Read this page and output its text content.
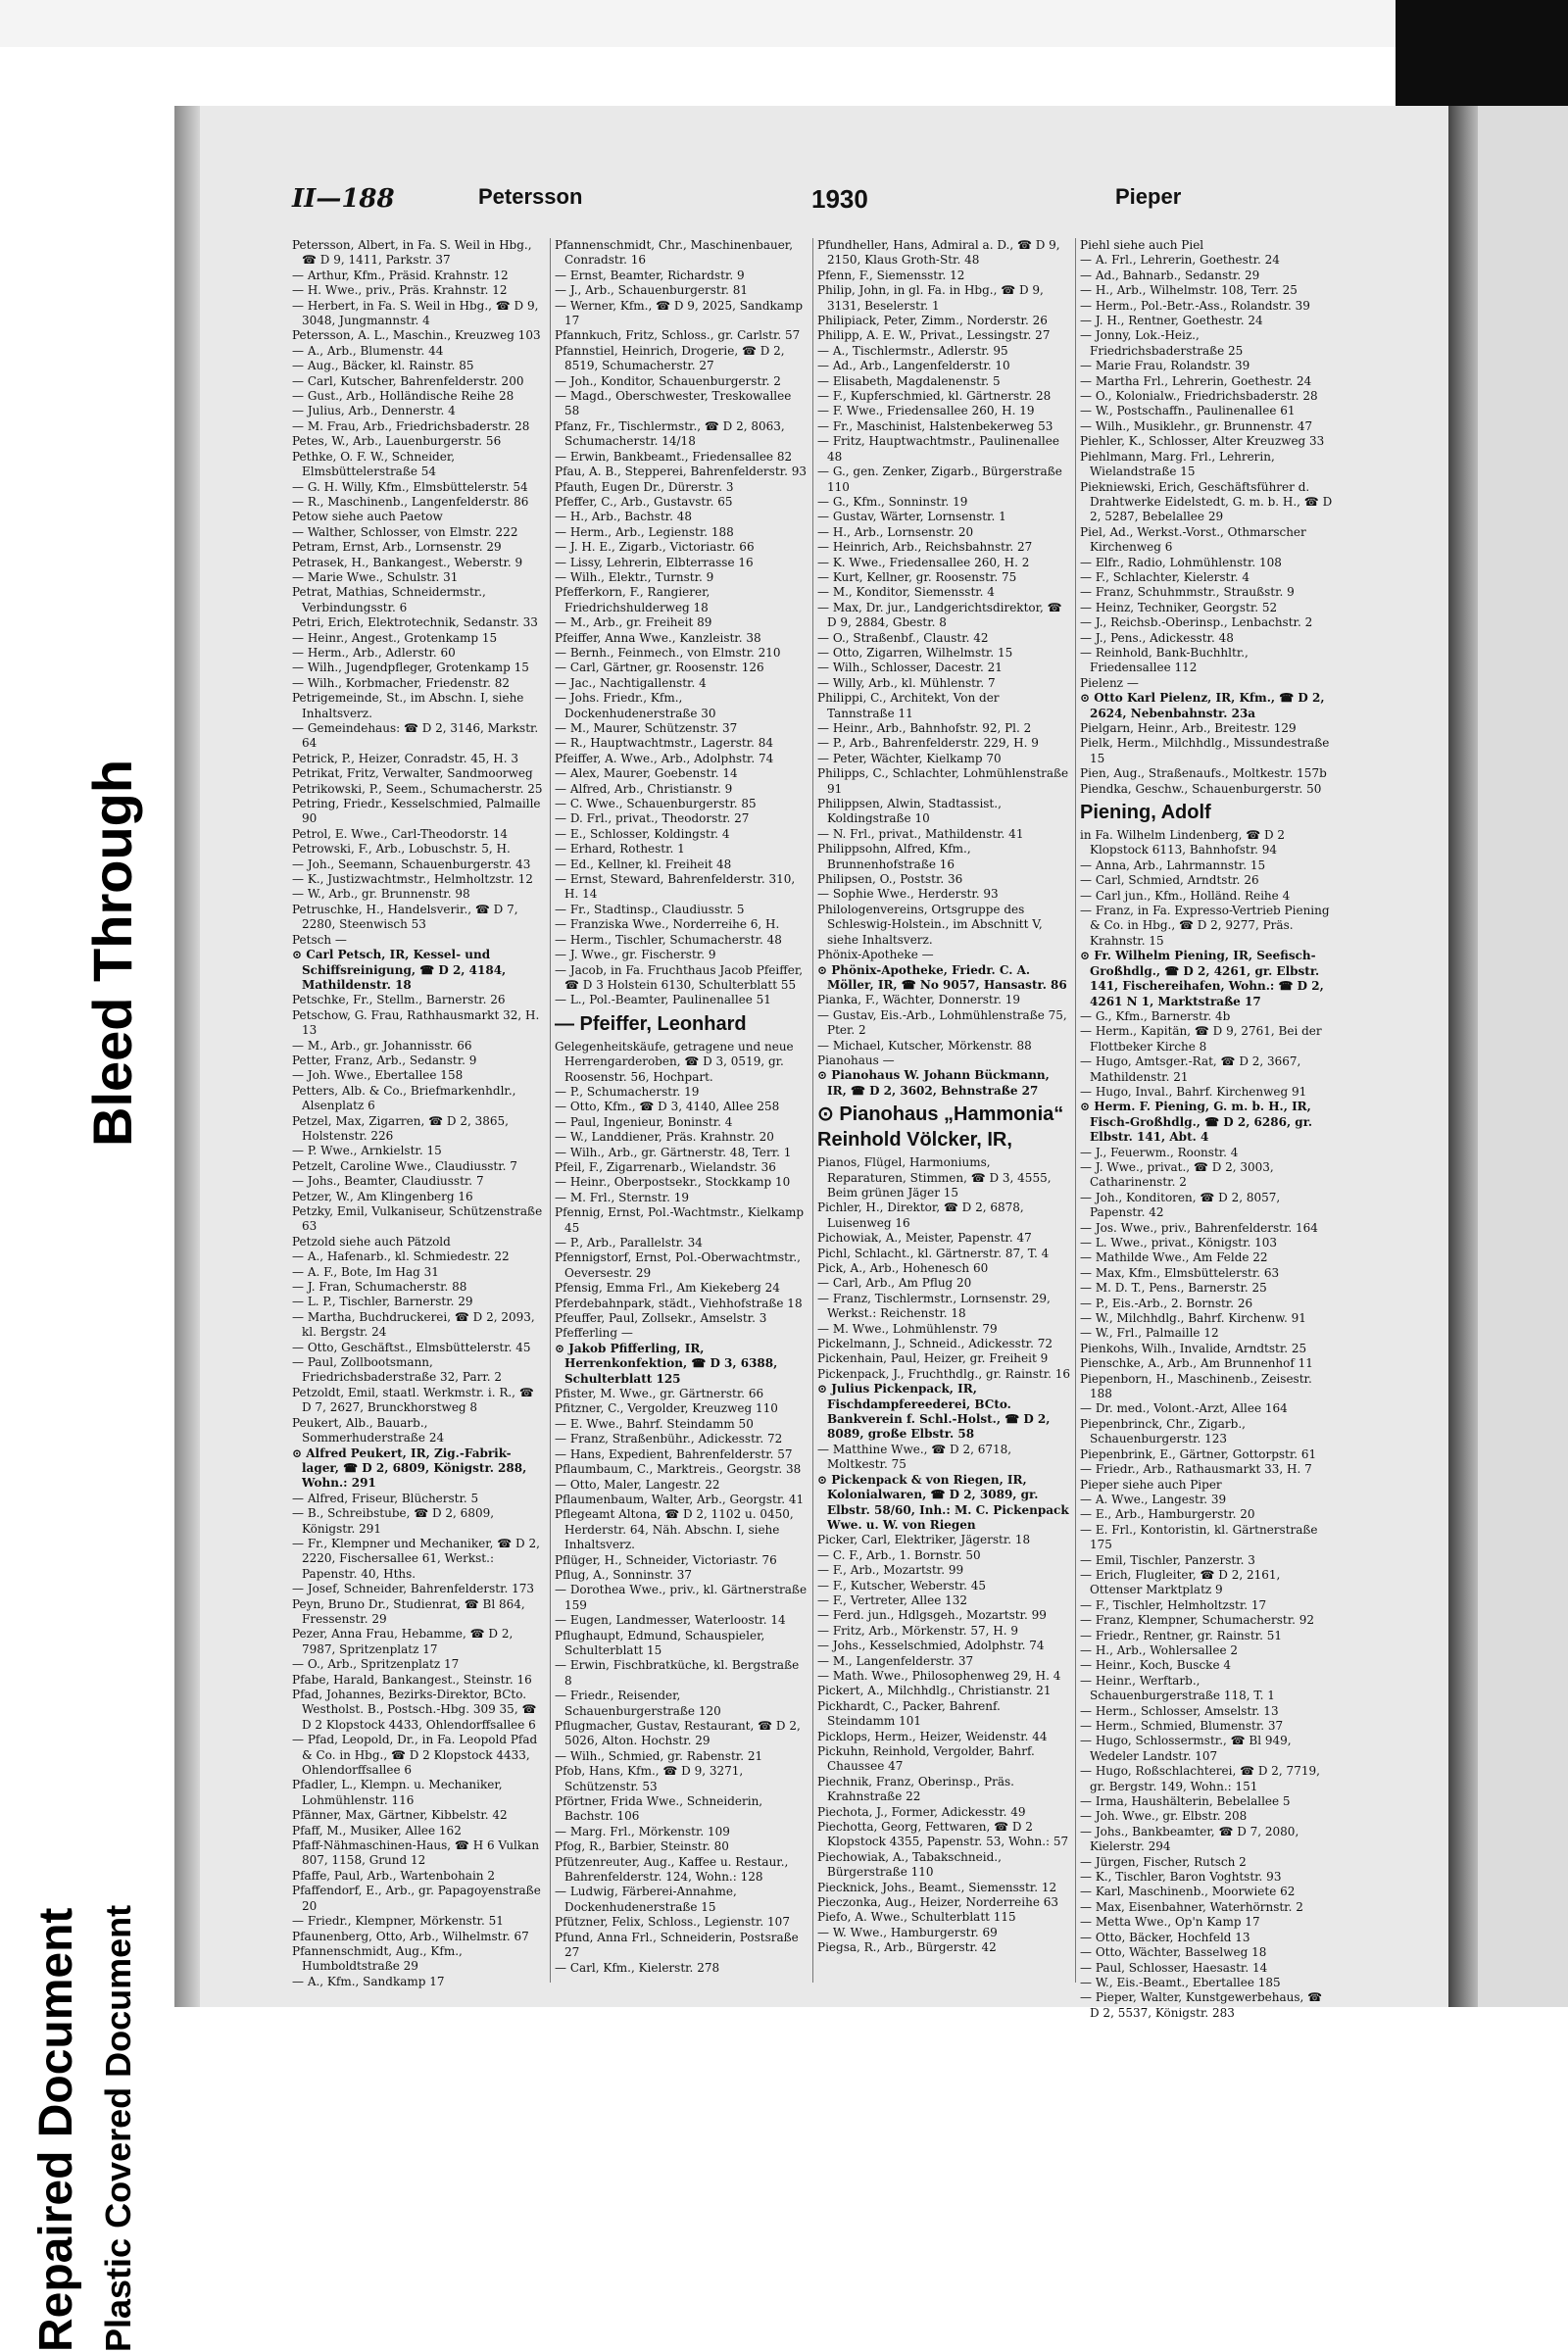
Repaired Document Plastic Covered Document
Bleed Through
II—188	Petersson	1930	Pieper
Petersson, Albert, in Fa. S. Weil in Hbg., ☎ D 9, 1411, Parkstr. 37
— Arthur, Kfm., Präsid. Krahnstr. 12
— H. Wwe., priv., Präs. Krahnstr. 12
— Herbert, in Fa. S. Weil in Hbg., ☎ D 9, 3048, Jungmannstr. 4
Petersson, A. L., Maschin., Kreuzweg 103
— A., Arb., Blumenstr. 44
— Aug., Bäcker, kl. Rainstr. 85
— Carl, Kutscher, Bahrenfelderstr. 200
— Gust., Arb., Holländische Reihe 28
— Julius, Arb., Dennerstr. 4
— M. Frau, Arb., Friedrichsbaderstr. 28
Petes, W., Arb., Lauenburgerstr. 56
Pethke, O. F. W., Schneider, Elmsbüttelerstraße 54
— G. H. Willy, Kfm., Elmsbüttelerstr. 54
— R., Maschinenb., Langenfelderstr. 86
Petow siehe auch Paetow
— Walther, Schlosser, von Elmstr. 222
Petram, Ernst, Arb., Lornsenstr. 29
Petrasek, H., Bankangest., Weberstr. 9
— Marie Wwe., Schulstr. 31
Petrat, Mathias, Schneidermstr., Verbindungsstr. 6
Petri, Erich, Elektrotechnik, Sedanstr. 33
— Heinr., Angest., Grotenkamp 15
— Herm., Arb., Adlerstr. 60
— Wilh., Jugendpfleger, Grotenkamp 15
— Wilh., Korbmacher, Friedenstr. 82
Petrigemeinde, St., im Abschn. I, siehe Inhaltsverz.
— Gemeindehaus: ☎ D 2, 3146, Markstr. 64
Petrick, P., Heizer, Conradstr. 45, H. 3
Petrikat, Fritz, Verwalter, Sandmoorweg
Petrikowski, P., Seem., Schumacherstr. 25
Petring, Friedr., Kesselschmied, Palmaille 90
Petrol, E. Wwe., Carl-Theodorstr. 14
Petrowski, F., Arb., Lobuschstr. 5, H.
— Joh., Seemann, Schauenburgerstr. 43
— K., Justizwachtmstr., Helmholtzstr. 12
— W., Arb., gr. Brunnenstr. 98
Petruschke, H., Handelsverir., ☎ D 7, 2280, Steenwisch 53
Petsch —
⊙ Carl Petsch, IR, Kessel- und Schiffsreinigung, ☎ D 2, 4184, Mathildenstr. 18
Petschke, Fr., Stellm., Barnerstr. 26
Petschow, G. Frau, Rathhausmarkt 32, H. 13
— M., Arb., gr. Johannisstr. 66
Petter, Franz, Arb., Sedanstr. 9
— Joh. Wwe., Ebertallee 158
Petters, Alb. & Co., Briefmarkenhdlr., Alsenplatz 6
Petzel, Max, Zigarren, ☎ D 2, 3865, Holstenstr. 226
— P. Wwe., Arnkielstr. 15
Petzelt, Caroline Wwe., Claudiusstr. 7
— Johs., Beamter, Claudiusstr. 7
Petzer, W., Am Klingenberg 16
Petzky, Emil, Vulkaniseur, Schützenstraße 63
Petzold siehe auch Pätzold
— A., Hafenarb., kl. Schmiedestr. 22
— A. F., Bote, Im Hag 31
— J. Fran, Schumacherstr. 88
— L. P., Tischler, Barnerstr. 29
— Martha, Buchdruckerei, ☎ D 2, 2093, kl. Bergstr. 24
— Otto, Geschäftst., Elmsbüttelerstr. 45
— Paul, Zollbootsmann, Friedrichsbaderstraße 32, Parr. 2
Petzoldt, Emil, staatl. Werkmstr. i. R., ☎ D 7, 2627, Brunckhorstweg 8
Peukert, Alb., Bauarb., Sommerhuderstraße 24
⊙ Alfred Peukert, IR, Zig.-Fabrik-lager, ☎ D 2, 6809, Königstr. 288, Wohn.: 291
— Alfred, Friseur, Blücherstr. 5
— B., Schreibstube, ☎ D 2, 6809, Königstr. 291
— Fr., Klempner und Mechaniker, ☎ D 2, 2220, Fischersallee 61, Werkst.: Papenstr. 40, Hths.
— Josef, Schneider, Bahrenfelderstr. 173
Peyn, Bruno Dr., Studienrat, ☎ Bl 864, Fressenstr. 29
Pezer, Anna Frau, Hebamme, ☎ D 2, 7987, Spritzenplatz 17
— O., Arb., Spritzenplatz 17
Pfabe, Harald, Bankangest., Steinstr. 16
Pfad, Johannes, Bezirks-Direktor, BCto. Westholst. B., Postsch.-Hbg. 309 35, ☎ D 2 Klopstock 4433, Ohlendorffsallee 6
— Pfad, Leopold, Dr., in Fa. Leopold Pfad & Co. in Hbg., ☎ D 2 Klopstock 4433, Ohlendorffsallee 6
Pfadler, L., Klempn. u. Mechaniker, Lohmühlenstr. 116
Pfänner, Max, Gärtner, Kibbelstr. 42
Pfaff, M., Musiker, Allee 162
Pfaff-Nähmaschinen-Haus, ☎ H 6 Vulkan 807, 1158, Grund 12
Pfaffe, Paul, Arb., Wartenbohain 2
Pfaffendorf, E., Arb., gr. Papagoyenstraße 20
— Friedr., Klempner, Mörkenstr. 51
Pfaunenberg, Otto, Arb., Wilhelmstr. 67
Pfannenschmidt, Aug., Kfm., Humboldtstraße 29
— A., Kfm., Sandkamp 17
Pfannenschmidt, Chr., Maschinenbauer, Conradstr. 16
— Ernst, Beamter, Richardstr. 9
— J., Arb., Schauenburgerstr. 81
— Werner, Kfm., ☎ D 9, 2025, Sandkamp 17
Pfannkuch, Fritz, Schloss., gr. Carlstr. 57
Pfannstiel, Heinrich, Drogerie, ☎ D 2, 8519, Schumacherstr. 27
— Joh., Konditor, Schauenburgerstr. 2
— Magd., Oberschwester, Treskowallee 58
Pfanz, Fr., Tischlermstr., ☎ D 2, 8063, Schumacherstr. 14/18
— Erwin, Bankbeamt., Friedensallee 82
Pfau, A. B., Stepperei, Bahrenfelderstr. 93
Pfauth, Eugen Dr., Dürerstr. 3
Pfeffer, C., Arb., Gustavstr. 65
— H., Arb., Bachstr. 48
— Herm., Arb., Legienstr. 188
— J. H. E., Zigarb., Victoriastr. 66
— Lissy, Lehrerin, Elbterrasse 16
— Wilh., Elektr., Turnstr. 9
Pfefferkorn, F., Rangierer, Friedrichshulderweg 18
— M., Arb., gr. Freiheit 89
Pfeiffer, Anna Wwe., Kanzleistr. 38
— Bernh., Feinmech., von Elmstr. 210
— Carl, Gärtner, gr. Roosenstr. 126
— Jac., Nachtigallenstr. 4
— Johs. Friedr., Kfm., Dockenhudenerstraße 30
— M., Maurer, Schützenstr. 37
— R., Hauptwachtmstr., Lagerstr. 84
Pfeiffer, A. Wwe., Arb., Adolphstr. 74
— Alex, Maurer, Goebenstr. 14
— Alfred, Arb., Christianstr. 9
— C. Wwe., Schauenburgerstr. 85
— D. Frl., privat., Theodorstr. 27
— E., Schlosser, Koldingstr. 4
— Erhard, Rothestr. 1
— Ed., Kellner, kl. Freiheit 48
— Ernst, Steward, Bahrenfelderstr. 310, H. 14
— Fr., Stadtinsp., Claudiusstr. 5
— Franziska Wwe., Norderreihe 6, H.
— Herm., Tischler, Schumacherstr. 48
— J. Wwe., gr. Fischerstr. 9
— Jacob, in Fa. Fruchthaus Jacob Pfeiffer, ☎ D 3 Holstein 6130, Schulterblatt 55
— L., Pol.-Beamter, Paulinenallee 51
— Pfeiffer, Leonhard
Gelegenheitskäufe, getragene und neue Herrengarderoben, ☎ D 3, 0519, gr. Roosenstr. 56, Hochpart.
— P., Schumacherstr. 19
— Otto, Kfm., ☎ D 3, 4140, Allee 258
— Paul, Ingenieur, Boninstr. 4
— W., Landdiener, Präs. Krahnstr. 20
— Wilh., Arb., gr. Gärtnerstr. 48, Terr. 1
Pfeil, F., Zigarrenarb., Wielandstr. 36
— Heinr., Oberpostsekr., Stockkamp 10
— M. Frl., Sternstr. 19
Pfennig, Ernst, Pol.-Wachtmstr., Kielkamp 45
— P., Arb., Parallelstr. 34
Pfennigstorf, Ernst, Pol.-Oberwachtmstr., Oeversestr. 29
Pfensig, Emma Frl., Am Kiekeberg 24
Pferdebahnpark, städt., Viehhofstraße 18
Pfeuffer, Paul, Zollsekr., Amselstr. 3
Pfefferling —
⊙ Jakob Pfifferling, IR, Herrenkonfektion, ☎ D 3, 6388, Schulterblatt 125
Pfister, M. Wwe., gr. Gärtnerstr. 66
Pfitzner, C., Vergolder, Kreuzweg 110
— E. Wwe., Bahrf. Steindamm 50
— Franz, Straßenbühr., Adickesstr. 72
— Hans, Expedient, Bahrenfelderstr. 57
Pflaumbaum, C., Marktreis., Georgstr. 38
— Otto, Maler, Langestr. 22
Pflaumenbaum, Walter, Arb., Georgstr. 41
Pflegeamt Altona, ☎ D 2, 1102 u. 0450, Herderstr. 64, Näh. Abschn. I, siehe Inhaltsverz.
Pflüger, H., Schneider, Victoriastr. 76
Pflug, A., Sonninstr. 37
— Dorothea Wwe., priv., kl. Gärtnerstraße 159
— Eugen, Landmesser, Waterloostr. 14
Pflughaupt, Edmund, Schauspieler, Schulterblatt 15
— Erwin, Fischbratküche, kl. Bergstraße 8
— Friedr., Reisender, Schauenburgerstraße 120
Pflugmacher, Gustav, Restaurant, ☎ D 2, 5026, Alton. Hochstr. 29
— Wilh., Schmied, gr. Rabenstr. 21
Pfob, Hans, Kfm., ☎ D 9, 3271, Schützenstr. 53
Pförtner, Frida Wwe., Schneiderin, Bachstr. 106
— Marg. Frl., Mörkenstr. 109
Pfog, R., Barbier, Steinstr. 80
Pfützenreuter, Aug., Kaffee u. Restaur., Bahrenfelderstr. 124, Wohn.: 128
— Ludwig, Färberei-Annahme, Dockenhudenerstraße 15
Pfützner, Felix, Schloss., Legienstr. 107
Pfund, Anna Frl., Schneiderin, Postsraße 27
— Carl, Kfm., Kielerstr. 278
Pfundheller, Hans, Admiral a. D., ☎ D 9, 2150, Klaus Groth-Str. 48
Pfenn, F., Siemensstr. 12
Philip, John, in gl. Fa. in Hbg., ☎ D 9, 3131, Beselerstr. 1
Philipiack, Peter, Zimm., Norderstr. 26
Philipp, A. E. W., Privat., Lessingstr. 27
— A., Tischlermstr., Adlerstr. 95
— Ad., Arb., Langenfelderstr. 10
— Elisabeth, Magdalenenstr. 5
— F., Kupferschmied, kl. Gärtnerstr. 28
— F. Wwe., Friedensallee 260, H. 19
— Fr., Maschinist, Halstenbekerweg 53
— Fritz, Hauptwachtmstr., Paulinenallee 48
— G., gen. Zenker, Zigarb., Bürgerstraße 110
— G., Kfm., Sonninstr. 19
— Gustav, Wärter, Lornsenstr. 1
— H., Arb., Lornsenstr. 20
— Heinrich, Arb., Reichsbahnstr. 27
— K. Wwe., Friedensallee 260, H. 2
— Kurt, Kellner, gr. Roosenstr. 75
— M., Konditor, Siemensstr. 4
— Max, Dr. jur., Landgerichtsdirektor, ☎ D 9, 2884, Gbestr. 8
— O., Straßenbf., Claustr. 42
— Otto, Zigarren, Wilhelmstr. 15
— Wilh., Schlosser, Dacestr. 21
— Willy, Arb., kl. Mühlenstr. 7
Philippi, C., Architekt, Von der Tannstraße 11
— Heinr., Arb., Bahnhofstr. 92, Pl. 2
— P., Arb., Bahrenfelderstr. 229, H. 9
— Peter, Wächter, Kielkamp 70
Philipps, C., Schlachter, Lohmühlenstraße 91
Philippsen, Alwin, Stadtassist., Koldingstraße 10
— N. Frl., privat., Mathildenstr. 41
Philippsohn, Alfred, Kfm., Brunnenhofstraße 16
Philipsen, O., Poststr. 36
— Sophie Wwe., Herderstr. 93
Philologenvereins, Ortsgruppe des Schleswig-Holstein., im Abschnitt V, siehe Inhaltsverz.
Phönix-Apotheke —
⊙ Phönix-Apotheke, Friedr. C. A. Möller, IR, ☎ No 9057, Hansastr. 86
Pianka, F., Wächter, Donnerstr. 19
— Gustav, Eis.-Arb., Lohmühlenstraße 75, Pter. 2
— Michael, Kutscher, Mörkenstr. 88
Pianohaus —
⊙ Pianohaus W. Johann Bückmann, IR, ☎ D 2, 3602, Behnstraße 27
⊙ Pianohaus „Hammonia“ Reinhold Völcker, IR,
Pianos, Flügel, Harmoniums, Reparaturen, Stimmen, ☎ D 3, 4555, Beim grünen Jäger 15
Pichler, H., Direktor, ☎ D 2, 6878, Luisenweg 16
Pichowiak, A., Meister, Papenstr. 47
Pichl, Schlacht., kl. Gärtnerstr. 87, T. 4
Pick, A., Arb., Hohenesch 60
— Carl, Arb., Am Pflug 20
— Franz, Tischlermstr., Lornsenstr. 29, Werkst.: Reichenstr. 18
— M. Wwe., Lohmühlenstr. 79
Pickelmann, J., Schneid., Adickesstr. 72
Pickenhain, Paul, Heizer, gr. Freiheit 9
Pickenpack, J., Fruchthdlg., gr. Rainstr. 16
⊙ Julius Pickenpack, IR, Fischdampfereederei, BCto. Bankverein f. Schl.-Holst., ☎ D 2, 8089, große Elbstr. 58
— Matthine Wwe., ☎ D 2, 6718, Moltkestr. 75
⊙ Pickenpack & von Riegen, IR, Kolonialwaren, ☎ D 2, 3089, gr. Elbstr. 58/60, Inh.: M. C. Pickenpack Wwe. u. W. von Riegen
Picker, Carl, Elektriker, Jägerstr. 18
— C. F., Arb., 1. Bornstr. 50
— F., Arb., Mozartstr. 99
— F., Kutscher, Weberstr. 45
— F., Vertreter, Allee 132
— Ferd. jun., Hdlgsgeh., Mozartstr. 99
— Fritz, Arb., Mörkenstr. 57, H. 9
— Johs., Kesselschmied, Adolphstr. 74
— M., Langenfelderstr. 37
— Math. Wwe., Philosophenweg 29, H. 4
Pickert, A., Milchhdlg., Christianstr. 21
Pickhardt, C., Packer, Bahrenf. Steindamm 101
Picklops, Herm., Heizer, Weidenstr. 44
Pickuhn, Reinhold, Vergolder, Bahrf. Chaussee 47
Piechnik, Franz, Oberinsp., Präs. Krahnstraße 22
Piechota, J., Former, Adickesstr. 49
Piechotta, Georg, Fettwaren, ☎ D 2 Klopstock 4355, Papenstr. 53, Wohn.: 57
Piechowiak, A., Tabakschneid., Bürgerstraße 110
Piecknick, Johs., Beamt., Siemensstr. 12
Pieczonka, Aug., Heizer, Norderreihe 63
Piefo, A. Wwe., Schulterblatt 115
— W. Wwe., Hamburgerstr. 69
Piegsa, R., Arb., Bürgerstr. 42
Piehl siehe auch Piel
— A. Frl., Lehrerin, Goethestr. 24
— Ad., Bahnarb., Sedanstr. 29
— H., Arb., Wilhelmstr. 108, Terr. 25
— Herm., Pol.-Betr.-Ass., Rolandstr. 39
— J. H., Rentner, Goethestr. 24
— Jonny, Lok.-Heiz., Friedrichsbaderstraße 25
— Marie Frau, Rolandstr. 39
— Martha Frl., Lehrerin, Goethestr. 24
— O., Kolonialw., Friedrichsbaderstr. 28
— W., Postschaffn., Paulinenallee 61
— Wilh., Musiklehr., gr. Brunnenstr. 47
Piehler, K., Schlosser, Alter Kreuzweg 33
Piehlmann, Marg. Frl., Lehrerin, Wielandstraße 15
Piekniewski, Erich, Geschäftsführer d. Drahtwerke Eidelstedt, G. m. b. H., ☎ D 2, 5287, Bebelallee 29
Piel, Ad., Werkst.-Vorst., Othmarscher Kirchenweg 6
— Elfr., Radio, Lohmühlenstr. 108
— F., Schlachter, Kielerstr. 4
— Franz, Schuhmmstr., Straußstr. 9
— Heinz, Techniker, Georgstr. 52
— J., Reichsb.-Oberinsp., Lenbachstr. 2
— J., Pens., Adickesstr. 48
— Reinhold, Bank-Buchhltr., Friedensallee 112
Pielenz —
⊙ Otto Karl Pielenz, IR, Kfm., ☎ D 2, 2624, Nebenbahnstr. 23a
Pielgarn, Heinr., Arb., Breitestr. 129
Pielk, Herm., Milchhdlg., Missundestraße 15
Pien, Aug., Straßenaufs., Moltkestr. 157b
Piendka, Geschw., Schauenburgerstr. 50
Piening, Adolf
in Fa. Wilhelm Lindenberg, ☎ D 2 Klopstock 6113, Bahnhofstr. 94
— Anna, Arb., Lahrmannstr. 15
— Carl, Schmied, Arndtstr. 26
— Carl jun., Kfm., Holländ. Reihe 4
— Franz, in Fa. Expresso-Vertrieb Piening & Co. in Hbg., ☎ D 2, 9277, Präs. Krahnstr. 15
⊙ Fr. Wilhelm Piening, IR, Seefisch-Großhdlg., ☎ D 2, 4261, gr. Elbstr. 141, Fischereihafen, Wohn.: ☎ D 2, 4261 N 1, Marktstraße 17
— G., Kfm., Barnerstr. 4b
— Herm., Kapitän, ☎ D 9, 2761, Bei der Flottbeker Kirche 8
— Hugo, Amtsger.-Rat, ☎ D 2, 3667, Mathildenstr. 21
— Hugo, Inval., Bahrf. Kirchenweg 91
⊙ Herm. F. Piening, G. m. b. H., IR, Fisch-Großhdlg., ☎ D 2, 6286, gr. Elbstr. 141, Abt. 4
— J., Feuerwm., Roonstr. 4
— J. Wwe., privat., ☎ D 2, 3003, Catharinenstr. 2
— Joh., Konditoren, ☎ D 2, 8057, Papenstr. 42
— Jos. Wwe., priv., Bahrenfelderstr. 164
— L. Wwe., privat., Königstr. 103
— Mathilde Wwe., Am Felde 22
— Max, Kfm., Elmsbüttelerstr. 63
— M. D. T., Pens., Barnerstr. 25
— P., Eis.-Arb., 2. Bornstr. 26
— W., Milchhdlg., Bahrf. Kirchenw. 91
— W., Frl., Palmaille 12
Pienkohs, Wilh., Invalide, Arndtstr. 25
Pienschke, A., Arb., Am Brunnenhof 11
Piepenborn, H., Maschinenb., Zeisestr. 188
— Dr. med., Volont.-Arzt, Allee 164
Piepenbrinck, Chr., Zigarb., Schauenburgerstr. 123
Piepenbrink, E., Gärtner, Gottorpstr. 61
— Friedr., Arb., Rathausmarkt 33, H. 7
Pieper siehe auch Piper
— A. Wwe., Langestr. 39
— E., Arb., Hamburgerstr. 20
— E. Frl., Kontoristin, kl. Gärtnerstraße 175
— Emil, Tischler, Panzerstr. 3
— Erich, Flugleiter, ☎ D 2, 2161, Ottenser Marktplatz 9
— F., Tischler, Helmholtzstr. 17
— Franz, Klempner, Schumacherstr. 92
— Friedr., Rentner, gr. Rainstr. 51
— H., Arb., Wohlersallee 2
— Heinr., Koch, Buscke 4
— Heinr., Werftarb., Schauenburgerstraße 118, T. 1
— Herm., Schlosser, Amselstr. 13
— Herm., Schmied, Blumenstr. 37
— Hugo, Schlossermstr., ☎ Bl 949, Wedeler Landstr. 107
— Hugo, Roßschlachterei, ☎ D 2, 7719, gr. Bergstr. 149, Wohn.: 151
— Irma, Haushälterin, Bebelallee 5
— Joh. Wwe., gr. Elbstr. 208
— Johs., Bankbeamter, ☎ D 7, 2080, Kielerstr. 294
— Jürgen, Fischer, Rutsch 2
— K., Tischler, Baron Voghtstr. 93
— Karl, Maschinenb., Moorwiete 62
— Max, Eisenbahner, Waterhörnstr. 2
— Metta Wwe., Op'n Kamp 17
— Otto, Bäcker, Hochfeld 13
— Otto, Wächter, Basselweg 18
— Paul, Schlosser, Haesastr. 14
— W., Eis.-Beamt., Ebertallee 185
— Pieper, Walter, Kunstgewerbehaus, ☎ D 2, 5537, Königstr. 283
